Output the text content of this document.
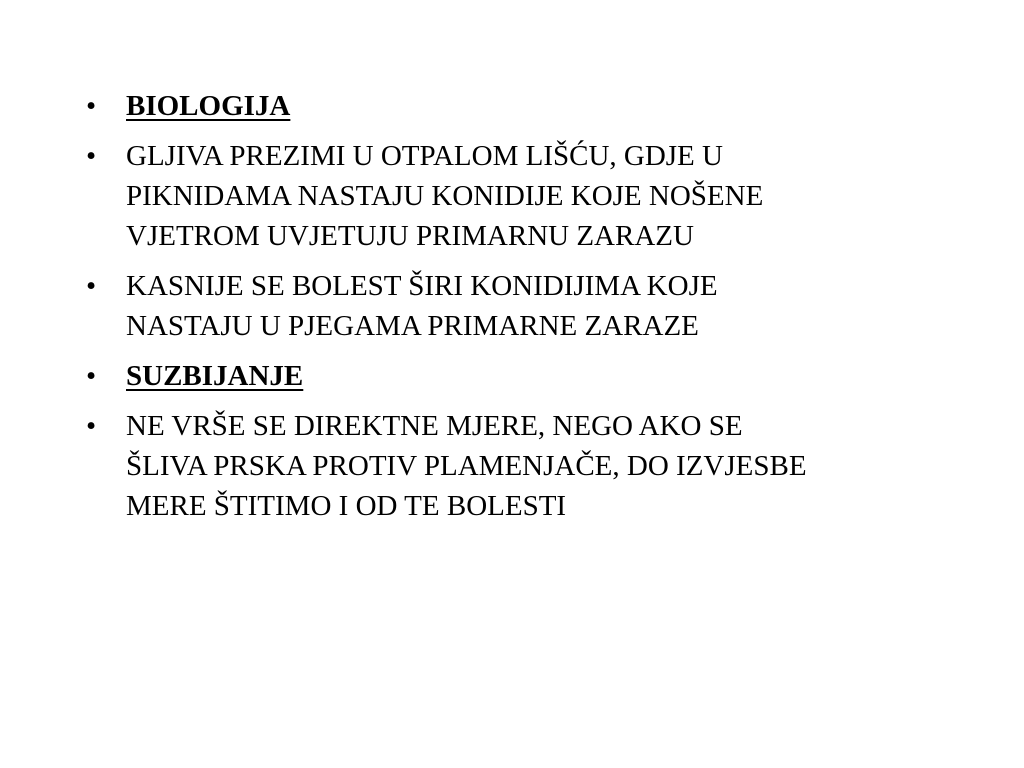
•	BIOLOGIJA
•	GLJIVA PREZIMI U OTPALOM LIŠĆU, GDJE U
PIKNIDAMA NASTAJU KONIDIJE KOJE NOŠENE
VJETROM UVJETUJU PRIMARNU ZARAZU
•	KASNIJE SE BOLEST ŠIRI KONIDIJIMA KOJE
NASTAJU U PJEGAMA PRIMARNE ZARAZE
•	SUZBIJANJE
•	NE VRŠE SE DIREKTNE MJERE, NEGO AKO SE
ŠLIVA PRSKA PROTIV PLAMENJAČE, DO IZVJESBE
MERE ŠTITIMO I OD TE BOLESTI
